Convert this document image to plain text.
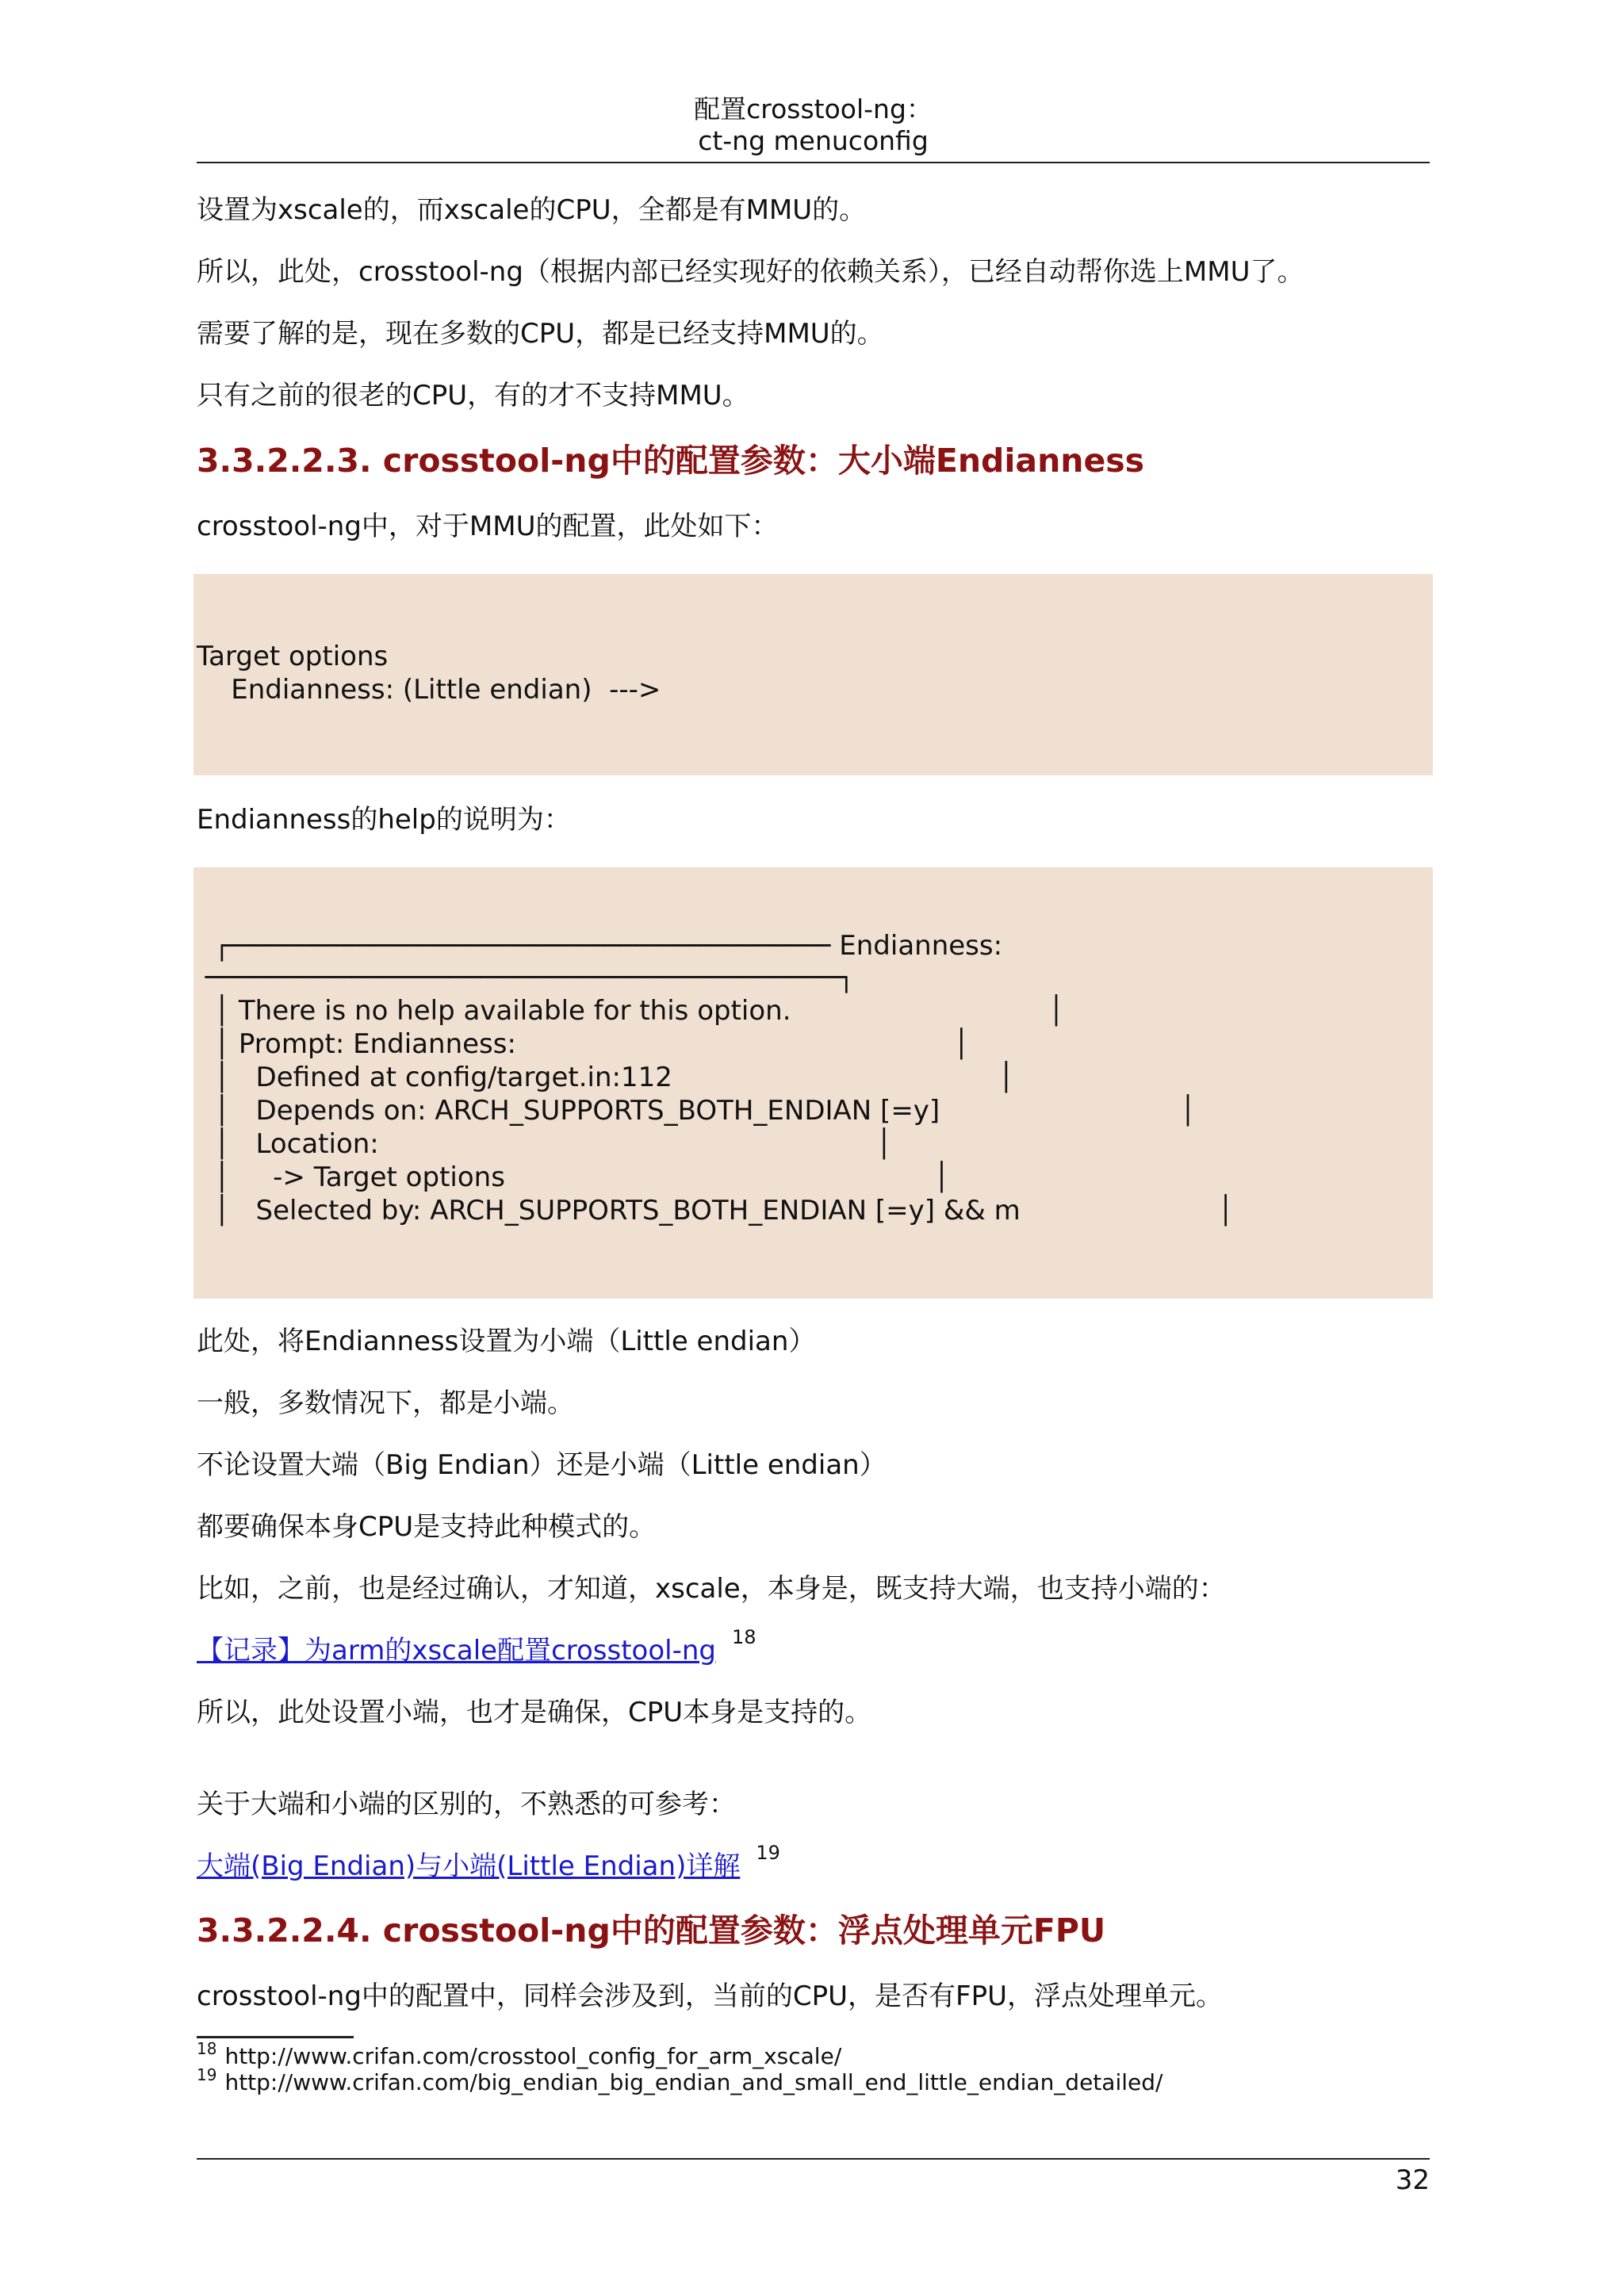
配置crosstool-ng：
ct-ng menuconfig
设置为xscale的，而xscale的CPU，全都是有MMU的。
所以，此处，crosstool-ng（根据内部已经实现好的依赖关系），已经自动帮你选上MMU了。
需要了解的是，现在多数的CPU，都是已经支持MMU的。
只有之前的很老的CPU，有的才不支持MMU。
3.3.2.2.3. crosstool-ng中的配置参数：大小端Endianness
crosstool-ng中，对于MMU的配置，此处如下：
Target options
Endianness: (Little endian)  --->
Endianness的help的说明为：
┌───────────────────────────────────── Endianness:
───────────────────────────────────────┐
│ There is no help available for this option.                              │
│ Prompt: Endianness:                                                   │
│   Defined at config/target.in:112                                      │
│   Depends on: ARCH_SUPPORTS_BOTH_ENDIAN [=y]                            │
│   Location:                                                          │
│     -> Target options                                                  │
│   Selected by: ARCH_SUPPORTS_BOTH_ENDIAN [=y] && m                       │
此处，将Endianness设置为小端（Little endian）
一般，多数情况下，都是小端。
不论设置大端（Big Endian）还是小端（Little endian）
都要确保本身CPU是支持此种模式的。
比如，之前，也是经过确认，才知道，xscale，本身是，既支持大端，也支持小端的：
【记录】为arm的xscale配置crosstool-ng $^{18}$
所以，此处设置小端，也才是确保，CPU本身是支持的。
关于大端和小端的区别的，不熟悉的可参考：
大端(Big Endian)与小端(Little Endian)详解 $^{19}$
3.3.2.2.4. crosstool-ng中的配置参数：浮点处理单元FPU
crosstool-ng中的配置中，同样会涉及到，当前的CPU，是否有FPU，浮点处理单元。
$^{18}$ http://www.crifan.com/crosstool_config_for_arm_xscale/
$^{19}$ http://www.crifan.com/big_endian_big_endian_and_small_end_little_endian_detailed/
32
